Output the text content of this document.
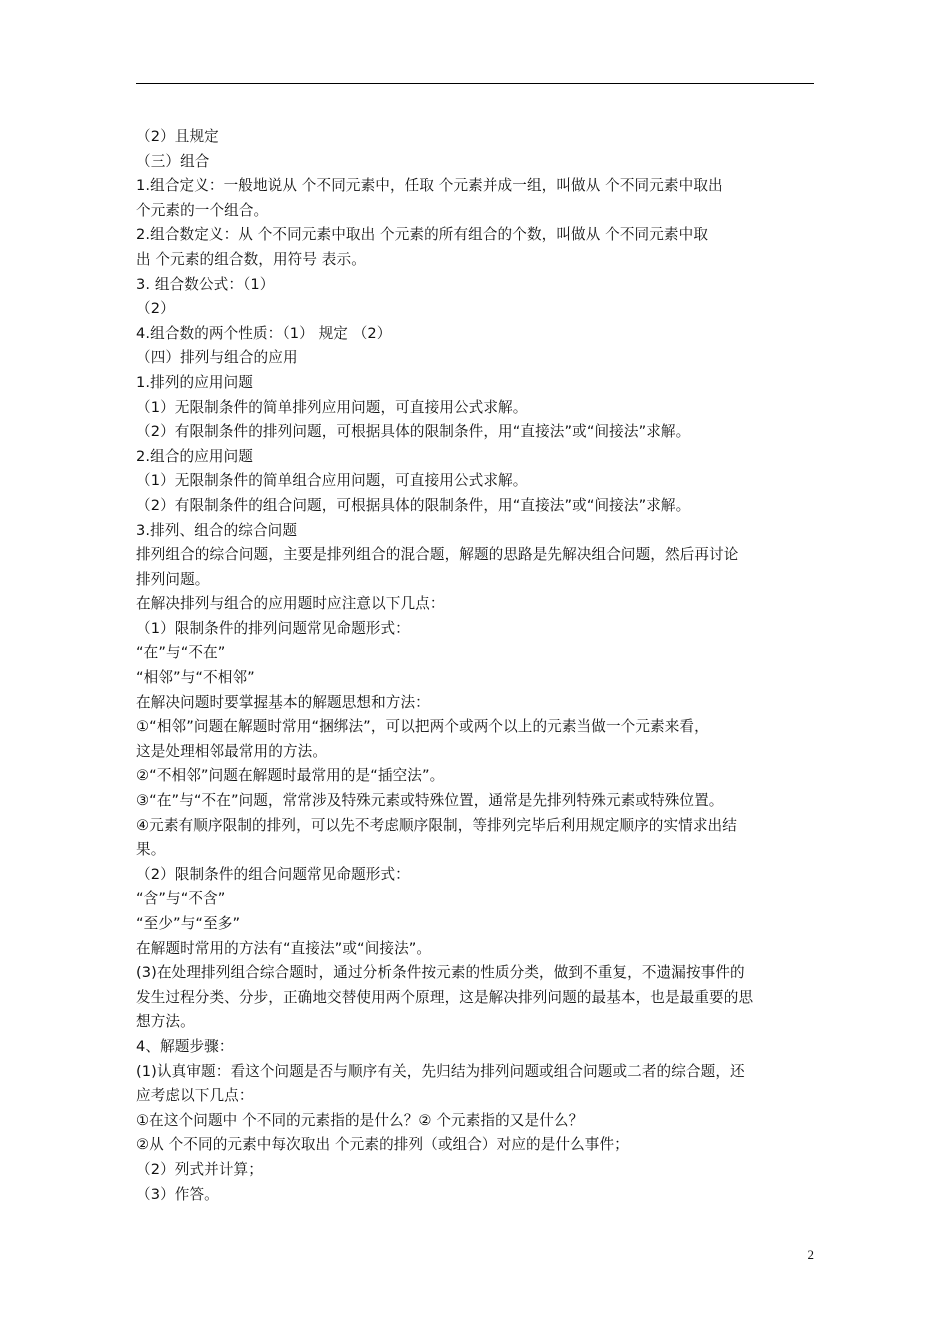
（2）且规定
（三）组合
1.组合定义：一般地说从 个不同元素中，任取 个元素并成一组，叫做从 个不同元素中取出
个元素的一个组合。
2.组合数定义：从 个不同元素中取出 个元素的所有组合的个数，叫做从 个不同元素中取
出 个元素的组合数，用符号 表示。
3. 组合数公式：（1）
（2）
4.组合数的两个性质：（1） 规定 （2）
（四）排列与组合的应用
1.排列的应用问题
（1）无限制条件的简单排列应用问题，可直接用公式求解。
（2）有限制条件的排列问题，可根据具体的限制条件，用“直接法”或“间接法”求解。
2.组合的应用问题
（1）无限制条件的简单组合应用问题，可直接用公式求解。
（2）有限制条件的组合问题，可根据具体的限制条件，用“直接法”或“间接法”求解。
3.排列、组合的综合问题
排列组合的综合问题，主要是排列组合的混合题，解题的思路是先解决组合问题，然后再讨论
排列问题。
在解决排列与组合的应用题时应注意以下几点：
（1）限制条件的排列问题常见命题形式：
“在”与“不在”
“相邻”与“不相邻”
在解决问题时要掌握基本的解题思想和方法：
①“相邻”问题在解题时常用“捆绑法”，可以把两个或两个以上的元素当做一个元素来看，
这是处理相邻最常用的方法。
②“不相邻”问题在解题时最常用的是“插空法”。
③“在”与“不在”问题，常常涉及特殊元素或特殊位置，通常是先排列特殊元素或特殊位置。
④元素有顺序限制的排列，可以先不考虑顺序限制，等排列完毕后利用规定顺序的实情求出结
果。
（2）限制条件的组合问题常见命题形式：
“含”与“不含”
“至少”与“至多”
在解题时常用的方法有“直接法”或“间接法”。
(3)在处理排列组合综合题时，通过分析条件按元素的性质分类，做到不重复，不遗漏按事件的
发生过程分类、分步，正确地交替使用两个原理，这是解决排列问题的最基本，也是最重要的思
想方法。
4、解题步骤：
(1)认真审题：看这个问题是否与顺序有关，先归结为排列问题或组合问题或二者的综合题，还
应考虑以下几点：
①在这个问题中 个不同的元素指的是什么？② 个元素指的又是什么？
②从 个不同的元素中每次取出 个元素的排列（或组合）对应的是什么事件；
（2）列式并计算；
（3）作答。
2
